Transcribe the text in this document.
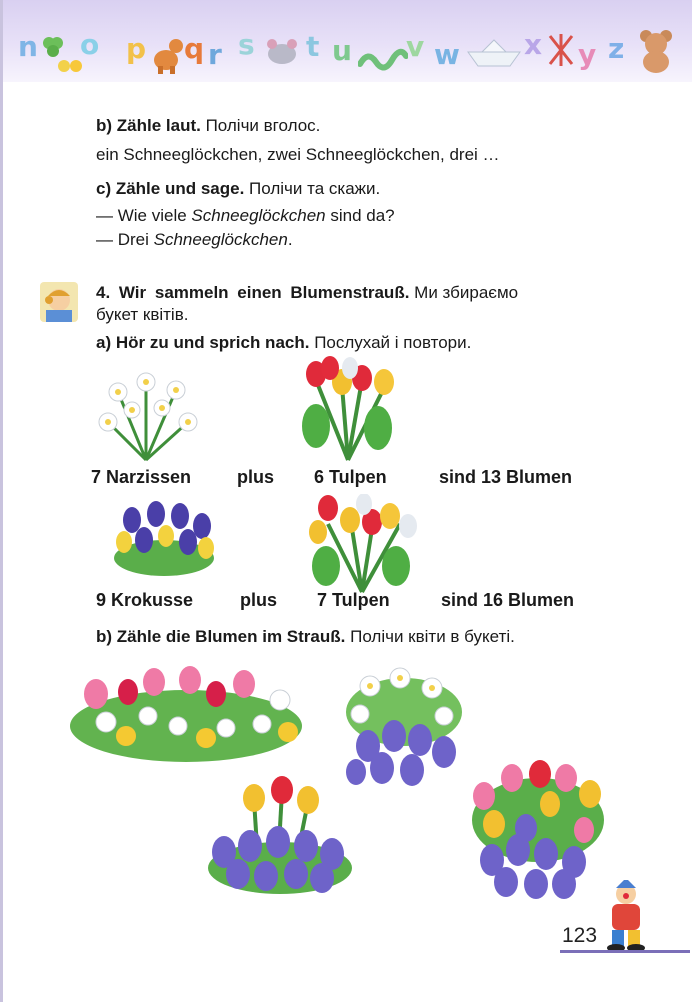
n o p q r s t u v w x y z
b) Zähle laut. Полічи вголос.
ein Schneeglöckchen, zwei Schneeglöckchen, drei …
c) Zähle und sage. Полічи та скажи.
— Wie viele Schneeglöckchen sind da?
— Drei Schneeglöckchen.
4. Wir sammeln einen Blumenstrauß. Ми збираємо
букет квітів.
a) Hör zu und sprich nach. Послухай і повтори.
7 Narzissen	plus 6 Tulpen	sind 13 Blumen
9 Krokusse	plus 7 Tulpen	sind 16 Blumen
b) Zähle die Blumen im Strauß. Полічи квіти в букеті.
123
